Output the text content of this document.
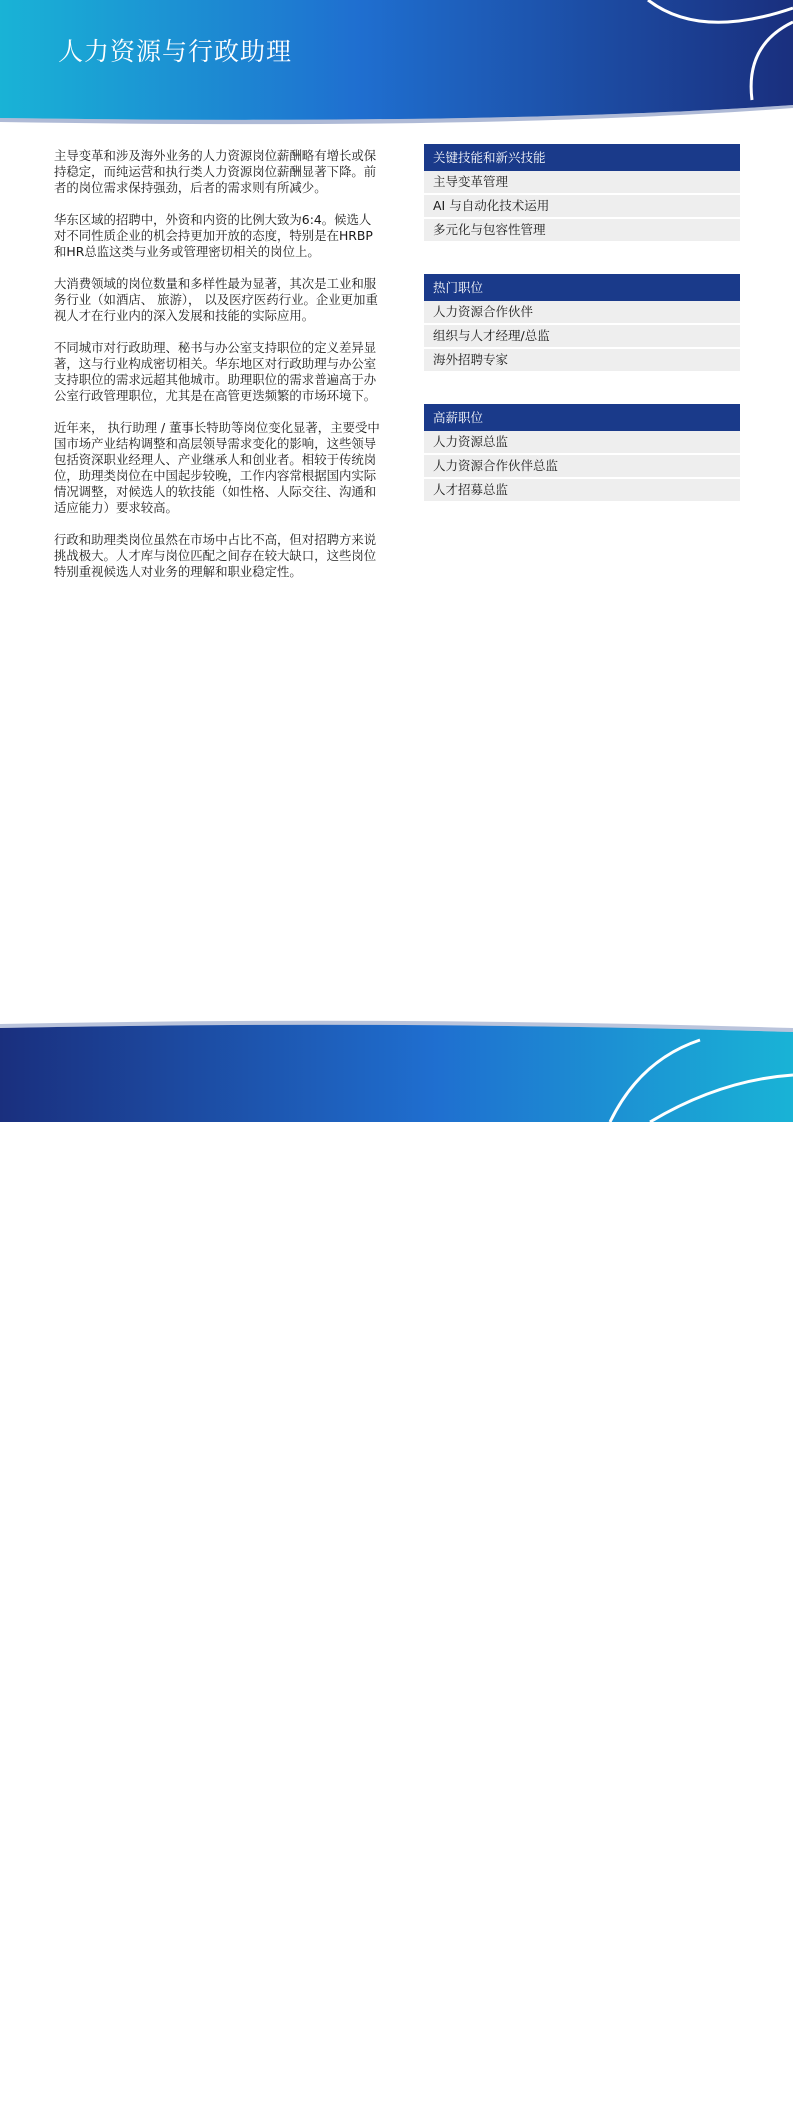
人力资源与行政助理

主导变革和涉及海外业务的人力资源岗位薪酬略有增长或保持稳定，而纯运营和执行类人力资源岗位薪酬显著下降。前者的岗位需求保持强劲，后者的需求则有所减少。

华东区域的招聘中，外资和内资的比例大致为6:4。候选人对不同性质企业的机会持更加开放的态度，特别是在HRBP和HR总监这类与业务或管理密切相关的岗位上。

大消费领域的岗位数量和多样性最为显著，其次是工业和服务行业（如酒店、 旅游）， 以及医疗医药行业。企业更加重视人才在行业内的深入发展和技能的实际应用。

不同城市对行政助理、秘书与办公室支持职位的定义差异显著，这与行业构成密切相关。华东地区对行政助理与办公室支持职位的需求远超其他城市。助理职位的需求普遍高于办公室行政管理职位，尤其是在高管更迭频繁的市场环境下。

近年来， 执行助理 / 董事长特助等岗位变化显著，主要受中国市场产业结构调整和高层领导需求变化的影响，这些领导包括资深职业经理人、产业继承人和创业者。相较于传统岗位，助理类岗位在中国起步较晚，工作内容常根据国内实际情况调整，对候选人的软技能（如性格、人际交往、沟通和适应能力）要求较高。

行政和助理类岗位虽然在市场中占比不高，但对招聘方来说挑战极大。人才库与岗位匹配之间存在较大缺口，这些岗位特别重视候选人对业务的理解和职业稳定性。

关键技能和新兴技能
主导变革管理
AI 与自动化技术运用
多元化与包容性管理
热门职位
人力资源合作伙伴
组织与人才经理/总监
海外招聘专家
高薪职位
人力资源总监
人力资源合作伙伴总监
人才招募总监
MichaelPage	22
